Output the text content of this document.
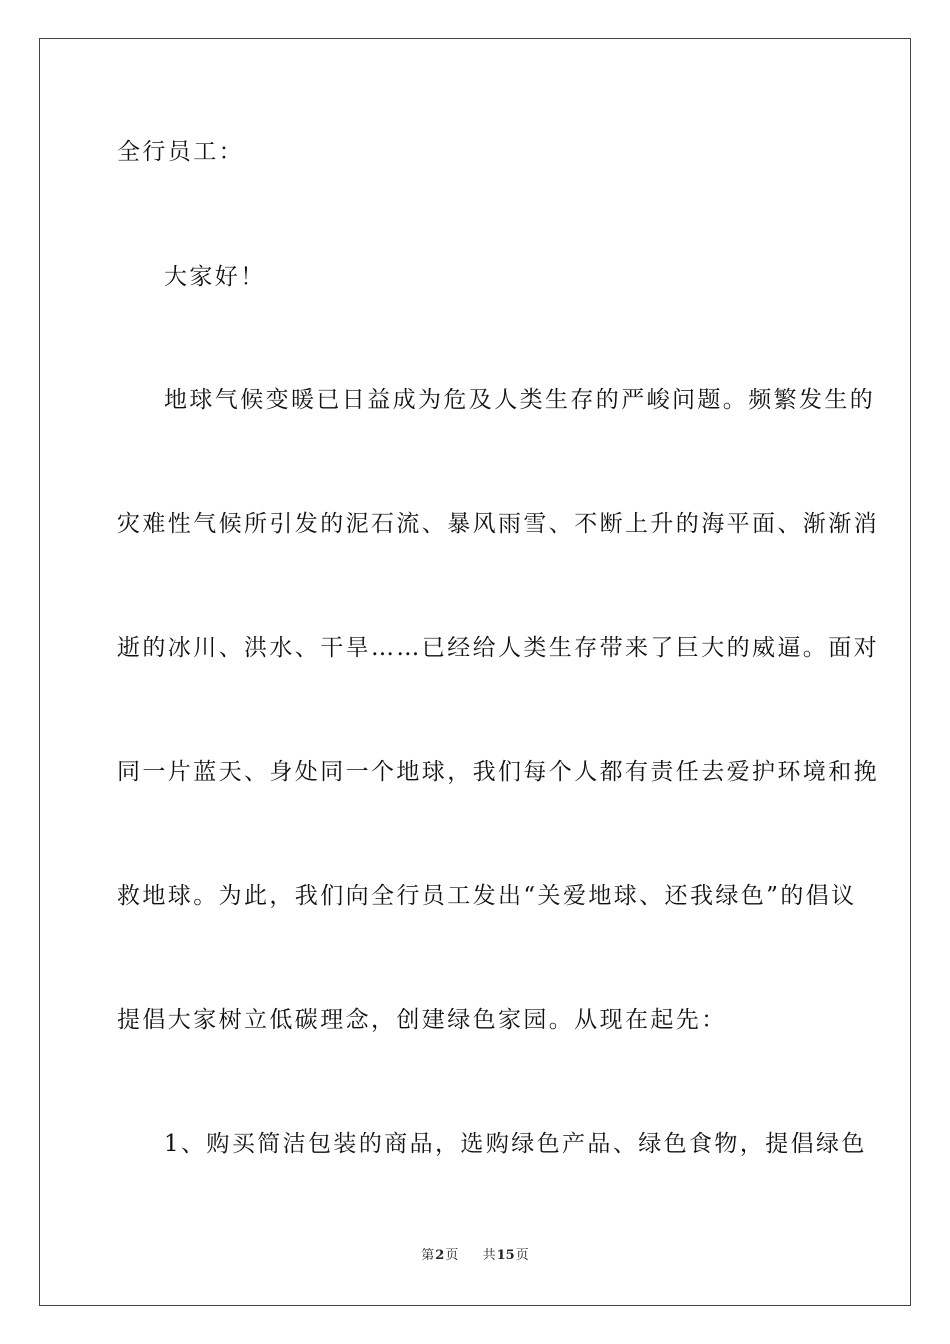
全行员工：
大家好！
地球气候变暖已日益成为危及人类生存的严峻问题。频繁发生的
灾难性气候所引发的泥石流、暴风雨雪、不断上升的海平面、渐渐消
逝的冰川、洪水、干旱……已经给人类生存带来了巨大的威逼。面对
同一片蓝天、身处同一个地球，我们每个人都有责任去爱护环境和挽
救地球。为此，我们向全行员工发出“关爱地球、还我绿色”的倡议
提倡大家树立低碳理念，创建绿色家园。从现在起先：
1、购买简洁包装的商品，选购绿色产品、绿色食物，提倡绿色
第2页 共15页
